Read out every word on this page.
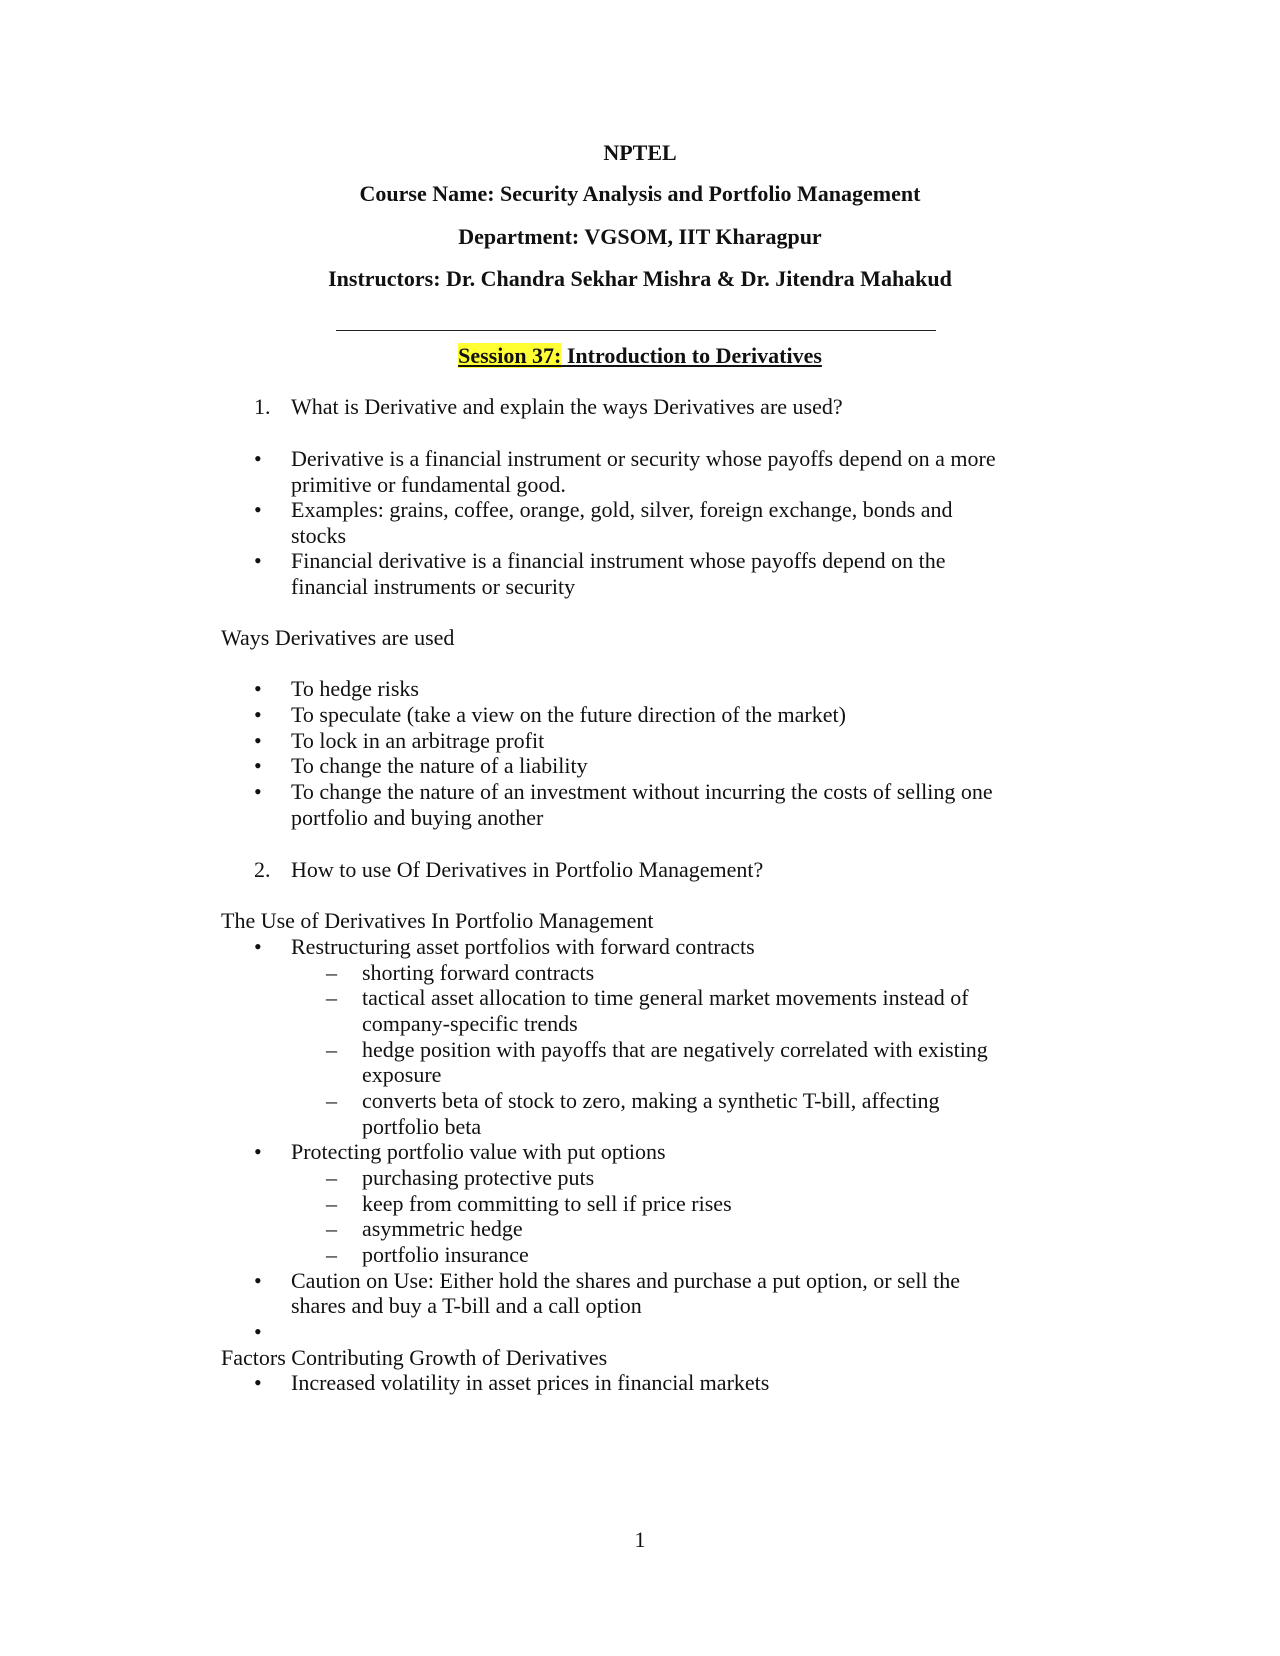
NPTEL
Course Name: Security Analysis and Portfolio Management
Department: VGSOM, IIT Kharagpur
Instructors: Dr. Chandra Sekhar Mishra & Dr. Jitendra Mahakud
Session 37: Introduction to Derivatives
1. What is Derivative and explain the ways Derivatives are used?
• Derivative is a financial instrument or security whose payoffs depend on a more
primitive or fundamental good.
• Examples: grains, coffee, orange, gold, silver, foreign exchange, bonds and
stocks
• Financial derivative is a financial instrument whose payoffs depend on the
financial instruments or security
Ways Derivatives are used
• To hedge risks
• To speculate (take a view on the future direction of the market)
• To lock in an arbitrage profit
• To change the nature of a liability
• To change the nature of an investment without incurring the costs of selling one
portfolio and buying another
2. How to use Of Derivatives in Portfolio Management?
The Use of Derivatives In Portfolio Management
• Restructuring asset portfolios with forward contracts
– shorting forward contracts
– tactical asset allocation to time general market movements instead of
company-specific trends
– hedge position with payoffs that are negatively correlated with existing
exposure
– converts beta of stock to zero, making a synthetic T-bill, affecting
portfolio beta
• Protecting portfolio value with put options
– purchasing protective puts
– keep from committing to sell if price rises
– asymmetric hedge
– portfolio insurance
• Caution on Use: Either hold the shares and purchase a put option, or sell the
shares and buy a T-bill and a call option
•
Factors Contributing Growth of Derivatives
• Increased volatility in asset prices in financial markets
1
